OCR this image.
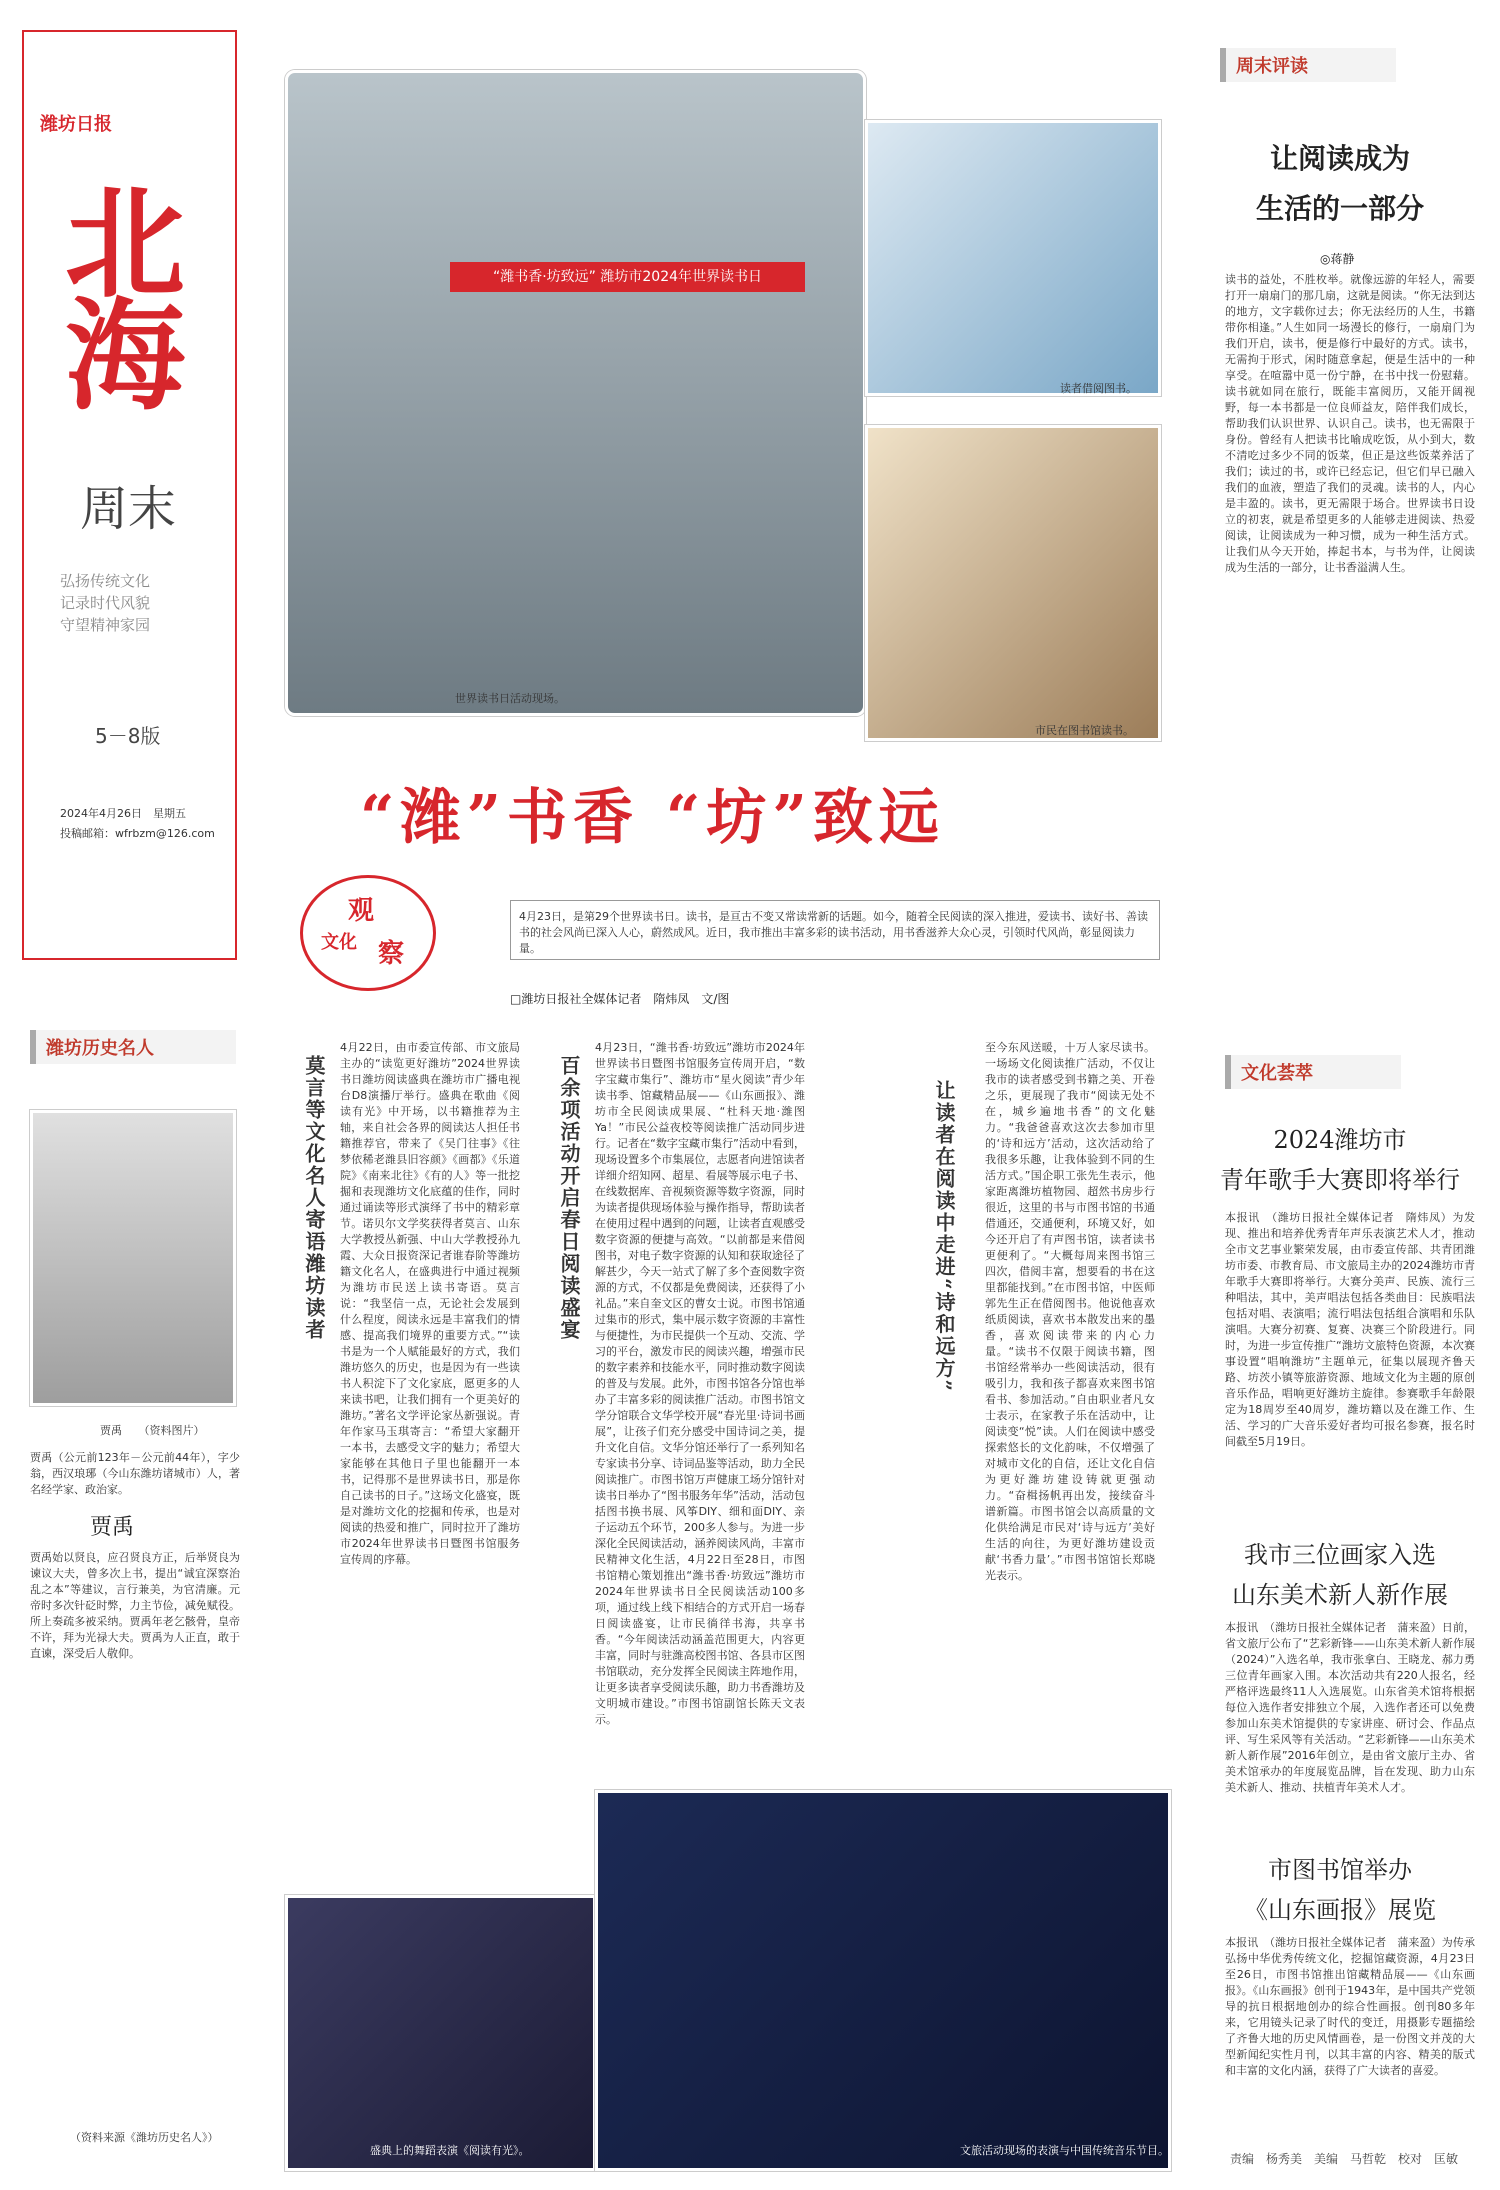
潍坊日报
北海
周末
弘扬传统文化
记录时代风貌
守望精神家园
5－8版
2024年4月26日　星期五
投稿邮箱：wfrbzm@126.com
潍坊历史名人
贾禹　　（资料图片）
贾禹（公元前123年－公元前44年），字少翁，西汉琅琊（今山东潍坊诸城市）人，著名经学家、政治家。
贾禹
贾禹始以贤良，应召贤良方正，后举贤良为谏议大夫，曾多次上书，提出“诚宜深察治乱之本”等建议，言行兼美，为官清廉。元帝时多次针砭时弊，力主节俭，减免赋役。所上奏疏多被采纳。贾禹年老乞骸骨，皇帝不许，拜为光禄大夫。贾禹为人正直，敢于直谏，深受后人敬仰。
（资料来源《潍坊历史名人》）
“潍书香·坊致远” 潍坊市2024年世界读书日
世界读书日活动现场。
读者借阅图书。
市民在图书馆读书。
“潍”书香 “坊”致远
文化
观
察
4月23日，是第29个世界读书日。读书，是亘古不变又常读常新的话题。如今，随着全民阅读的深入推进，爱读书、读好书、善读书的社会风尚已深入人心，蔚然成风。近日，我市推出丰富多彩的读书活动，用书香滋养大众心灵，引领时代风尚，彰显阅读力量。
□潍坊日报社全媒体记者　隋炜凤　文/图
莫言等文化名人寄语潍坊读者
4月22日，由市委宣传部、市文旅局主办的“读览更好潍坊”2024世界读书日潍坊阅读盛典在潍坊市广播电视台D8演播厅举行。盛典在歌曲《阅读有光》中开场，以书籍推荐为主轴，来自社会各界的阅读达人担任书籍推荐官，带来了《吴门往事》《往梦依稀老潍县旧容颜》《画都》《乐道院》《南来北往》《有的人》等一批挖掘和表现潍坊文化底蕴的佳作，同时通过诵读等形式演绎了书中的精彩章节。诺贝尔文学奖获得者莫言、山东大学教授丛新强、中山大学教授孙九霞、大众日报资深记者谁春阶等潍坊籍文化名人，在盛典进行中通过视频为潍坊市民送上读书寄语。莫言说：“我坚信一点，无论社会发展到什么程度，阅读永远是丰富我们的情感、提高我们境界的重要方式。”“读书是为一个人赋能最好的方式，我们潍坊悠久的历史，也是因为有一些读书人积淀下了文化家底，愿更多的人来读书吧，让我们拥有一个更美好的潍坊。”著名文学评论家丛新强说。青年作家马玉琪寄言：“希望大家翻开一本书，去感受文字的魅力；希望大家能够在其他日子里也能翻开一本书，记得那不是世界读书日，那是你自己读书的日子。”这场文化盛宴，既是对潍坊文化的挖掘和传承，也是对阅读的热爱和推广，同时拉开了潍坊市2024年世界读书日暨图书馆服务宣传周的序幕。
百余项活动开启春日阅读盛宴
4月23日，“潍书香·坊致远”潍坊市2024年世界读书日暨图书馆服务宣传周开启，“数字宝藏市集行”、潍坊市“星火阅读”青少年读书季、馆藏精品展——《山东画报》、潍坊市全民阅读成果展、“杜科天地·潍图Ya！”市民公益夜校等阅读推广活动同步进行。记者在“数字宝藏市集行”活动中看到，现场设置多个市集展位，志愿者向进馆读者详细介绍知网、超星、看展等展示电子书、在线数据库、音视频资源等数字资源，同时为读者提供现场体验与操作指导，帮助读者在使用过程中遇到的问题，让读者直观感受数字资源的便捷与高效。“以前都是来借阅图书，对电子数字资源的认知和获取途径了解甚少，今天一站式了解了多个查阅数字资源的方式，不仅都是免费阅读，还获得了小礼品。”来自奎文区的曹女士说。市图书馆通过集市的形式，集中展示数字资源的丰富性与便捷性，为市民提供一个互动、交流、学习的平台，激发市民的阅读兴趣，增强市民的数字素养和技能水平，同时推动数字阅读的普及与发展。此外，市图书馆各分馆也举办了丰富多彩的阅读推广活动。市图书馆文学分馆联合文华学校开展“春光里·诗词书画展”，让孩子们充分感受中国诗词之美，提升文化自信。文华分馆还举行了一系列知名专家读书分享、诗词品鉴等活动，助力全民阅读推广。市图书馆万声健康工场分馆针对读书日举办了“图书服务年华”活动，活动包括图书换书展、风筝DIY、细和面DIY、亲子运动五个环节，200多人参与。为进一步深化全民阅读活动，涵养阅读风尚，丰富市民精神文化生活，4月22日至28日，市图书馆精心策划推出“潍书香·坊致远”潍坊市2024年世界读书日全民阅读活动100多项，通过线上线下相结合的方式开启一场春日阅读盛宴，让市民徜徉书海，共享书香。“今年阅读活动涵盖范围更大，内容更丰富，同时与驻潍高校图书馆、各县市区图书馆联动，充分发挥全民阅读主阵地作用，让更多读者享受阅读乐趣，助力书香潍坊及文明城市建设。”市图书馆副馆长陈天文表示。
让读者在阅读中走进“诗和远方”
至今东风送暖，十万人家尽读书。一场场文化阅读推广活动，不仅让我市的读者感受到书籍之美、开卷之乐，更展现了我市“阅读无处不在，城乡遍地书香”的文化魅力。“我爸爸喜欢这次去参加市里的‘诗和远方’活动，这次活动给了我很多乐趣，让我体验到不同的生活方式。”国企职工张先生表示，他家距离潍坊植物园、超然书房步行很近，这里的书与市图书馆的书通借通还，交通便利，环境又好，如今还开启了有声图书馆，读者读书更便利了。“大概每周来图书馆三四次，借阅丰富，想要看的书在这里都能找到。”在市图书馆，中医师郭先生正在借阅图书。他说他喜欢纸质阅读，喜欢书本散发出来的墨香，喜欢阅读带来的内心力量。“读书不仅限于阅读书籍，图书馆经常举办一些阅读活动，很有吸引力，我和孩子都喜欢来图书馆看书、参加活动。”自由职业者凡女士表示，在家教子乐在活动中，让阅读变“悦”读。人们在阅读中感受探索悠长的文化韵味，不仅增强了对城市文化的自信，还让文化自信为更好潍坊建设铸就更强动力。“奋楫扬帆再出发，接续奋斗谱新篇。市图书馆会以高质量的文化供给满足市民对‘诗与远方’美好生活的向往，为更好潍坊建设贡献‘书香力量’。”市图书馆馆长郑晓光表示。
盛典上的舞蹈表演《阅读有光》。	文旅活动现场的表演与中国传统音乐节目。
周末评读
让阅读成为
生活的一部分
◎蒋静
读书的益处，不胜枚举。就像远游的年轻人，需要打开一扇扇门的那几扇，这就是阅读。“你无法到达的地方，文字载你过去；你无法经历的人生，书籍带你相逢。”人生如同一场漫长的修行，一扇扇门为我们开启，读书，便是修行中最好的方式。读书，无需拘于形式，闲时随意拿起，便是生活中的一种享受。在喧嚣中觅一份宁静，在书中找一份慰藉。读书就如同在旅行，既能丰富阅历，又能开阔视野，每一本书都是一位良师益友，陪伴我们成长，帮助我们认识世界、认识自己。读书，也无需限于身份。曾经有人把读书比喻成吃饭，从小到大，数不清吃过多少不同的饭菜，但正是这些饭菜养活了我们；读过的书，或许已经忘记，但它们早已融入我们的血液，塑造了我们的灵魂。读书的人，内心是丰盈的。读书，更无需限于场合。世界读书日设立的初衷，就是希望更多的人能够走进阅读、热爱阅读，让阅读成为一种习惯，成为一种生活方式。让我们从今天开始，捧起书本，与书为伴，让阅读成为生活的一部分，让书香溢满人生。
文化荟萃
2024潍坊市
青年歌手大赛即将举行
本报讯　（潍坊日报社全媒体记者　隋炜凤）为发现、推出和培养优秀青年声乐表演艺术人才，推动全市文艺事业繁荣发展，由市委宣传部、共青团潍坊市委、市教育局、市文旅局主办的2024潍坊市青年歌手大赛即将举行。大赛分美声、民族、流行三种唱法，其中，美声唱法包括各类曲目：民族唱法包括对唱、表演唱；流行唱法包括组合演唱和乐队演唱。大赛分初赛、复赛、决赛三个阶段进行。同时，为进一步宣传推广“潍坊文旅特色资源，本次赛事设置“唱响潍坊”主题单元，征集以展现齐鲁天路、坊茨小镇等旅游资源、地域文化为主题的原创音乐作品，唱响更好潍坊主旋律。参赛歌手年龄限定为18周岁至40周岁，潍坊籍以及在潍工作、生活、学习的广大音乐爱好者均可报名参赛，报名时间截至5月19日。
我市三位画家入选
山东美术新人新作展
本报讯　（潍坊日报社全媒体记者　蒲来盈）日前，省文旅厅公布了“艺彩新锋——山东美术新人新作展（2024）”入选名单，我市张拿白、王晓龙、郝力勇三位青年画家入围。本次活动共有220人报名，经严格评选最终11人入选展览。山东省美术馆将根据每位入选作者安排独立个展，入选作者还可以免费参加山东美术馆提供的专家讲座、研讨会、作品点评、写生采风等有关活动。“艺彩新锋——山东美术新人新作展”2016年创立，是由省文旅厅主办、省美术馆承办的年度展览品牌，旨在发现、助力山东美术新人、推动、扶植青年美术人才。
市图书馆举办
《山东画报》展览
本报讯　（潍坊日报社全媒体记者　蒲来盈）为传承弘扬中华优秀传统文化，挖掘馆藏资源，4月23日至26日，市图书馆推出馆藏精品展——《山东画报》。《山东画报》创刊于1943年，是中国共产党领导的抗日根据地创办的综合性画报。创刊80多年来，它用镜头记录了时代的变迁，用摄影专题描绘了齐鲁大地的历史风情画卷，是一份图文并茂的大型新闻纪实性月刊，以其丰富的内容、精美的版式和丰富的文化内涵，获得了广大读者的喜爱。
责编　杨秀美　美编　马哲乾　校对　匡敏
